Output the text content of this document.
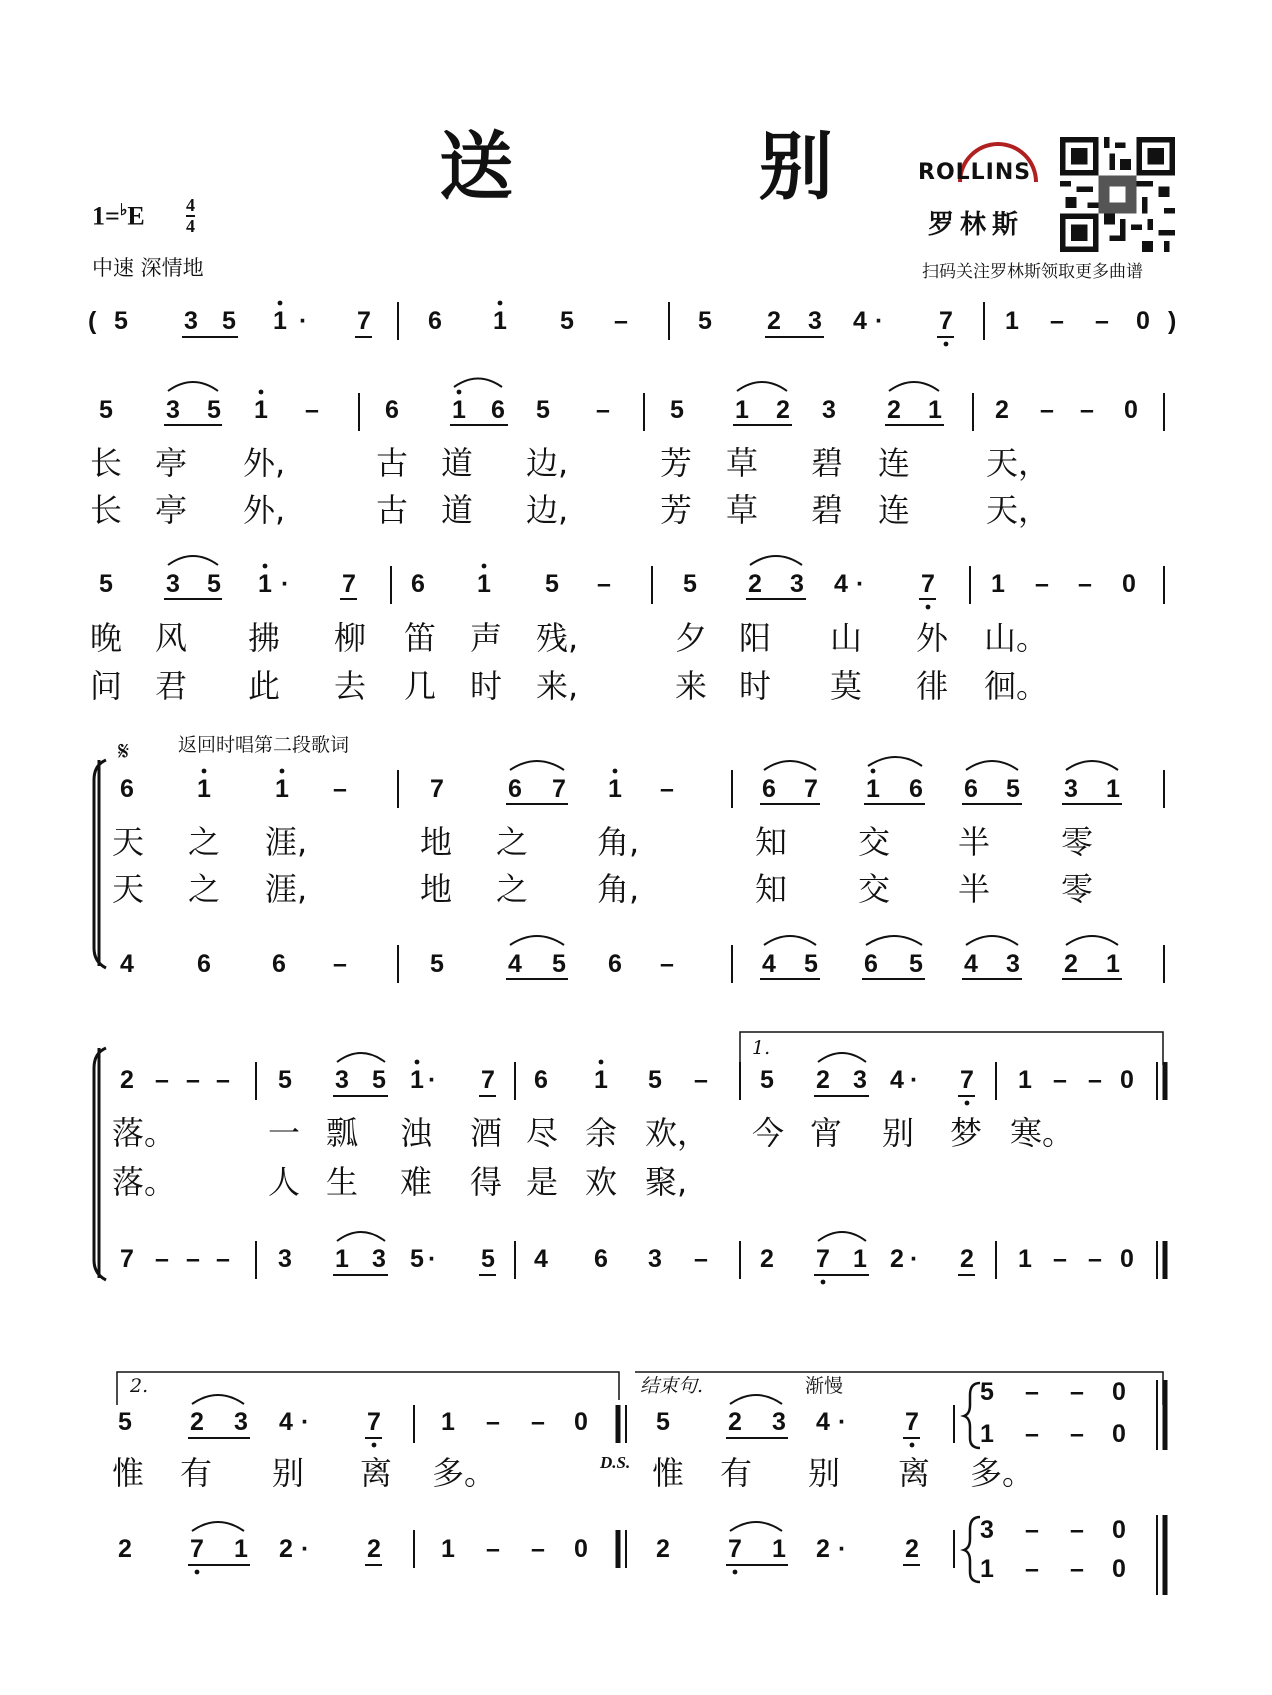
送 别
1=♭E 4
4
中速 深情地
ROLLINS
罗林斯
扫码关注罗林斯领取更多曲谱
(	)
5 3 5 1 · 7 6 1 5 –	5 2 3 4 · 7 1 – – 0
5 3 5 1 –	6 1 6 5 – 5 1 2 3 2 1 2 – – 0
5 3 5 1 · 7 6 1 5 –	5 2 3 4 · 7 1 – – 0
6	1	1 –	7	6 7 1 –	6 7 1 6 6 5 3 1
4	6 6 –	5	4 5 6 –	4 5 6 5 4 3 2 1
2 – – – 5 3 5 1 · 7 6 1 5 – 5 2 3 4 · 7 1 – – 0
7 – – – 3 1 3 5 · 5 4 6 3 – 2 7 1 2 · 2 1 – – 0
5 2 3 4 · 7 1 – – 0	5 2 3 4 · 7
5 – – 0
1 – – 0
2 7 1 2 · 2 1 – – 0	2 7 1 2 · 2
3 – – 0
1 – – 0
𝄋	返回时唱第二段歌词
1.
2.	结束句.	渐慢
D.S.
长 亭 外,	古 道 边,	芳 草 碧 连 天，
长 亭 外,	古 道 边,	芳 草 碧 连 天，
晚 风 拂 柳 笛 声 残,	夕 阳 山 外 山。
问 君 此 去 几 时 来,	来 时 莫 徘 徊。
天 之 涯,	地 之 角,	知 交 半 零
天 之 涯,	地 之 角,	知 交 半 零
落。	一 瓢 浊 酒 尽 余 欢， 今 宵 别 梦 寒。
落。	人 生 难 得 是 欢 聚,
惟 有 别 离 多。	惟 有 别 离 多。
